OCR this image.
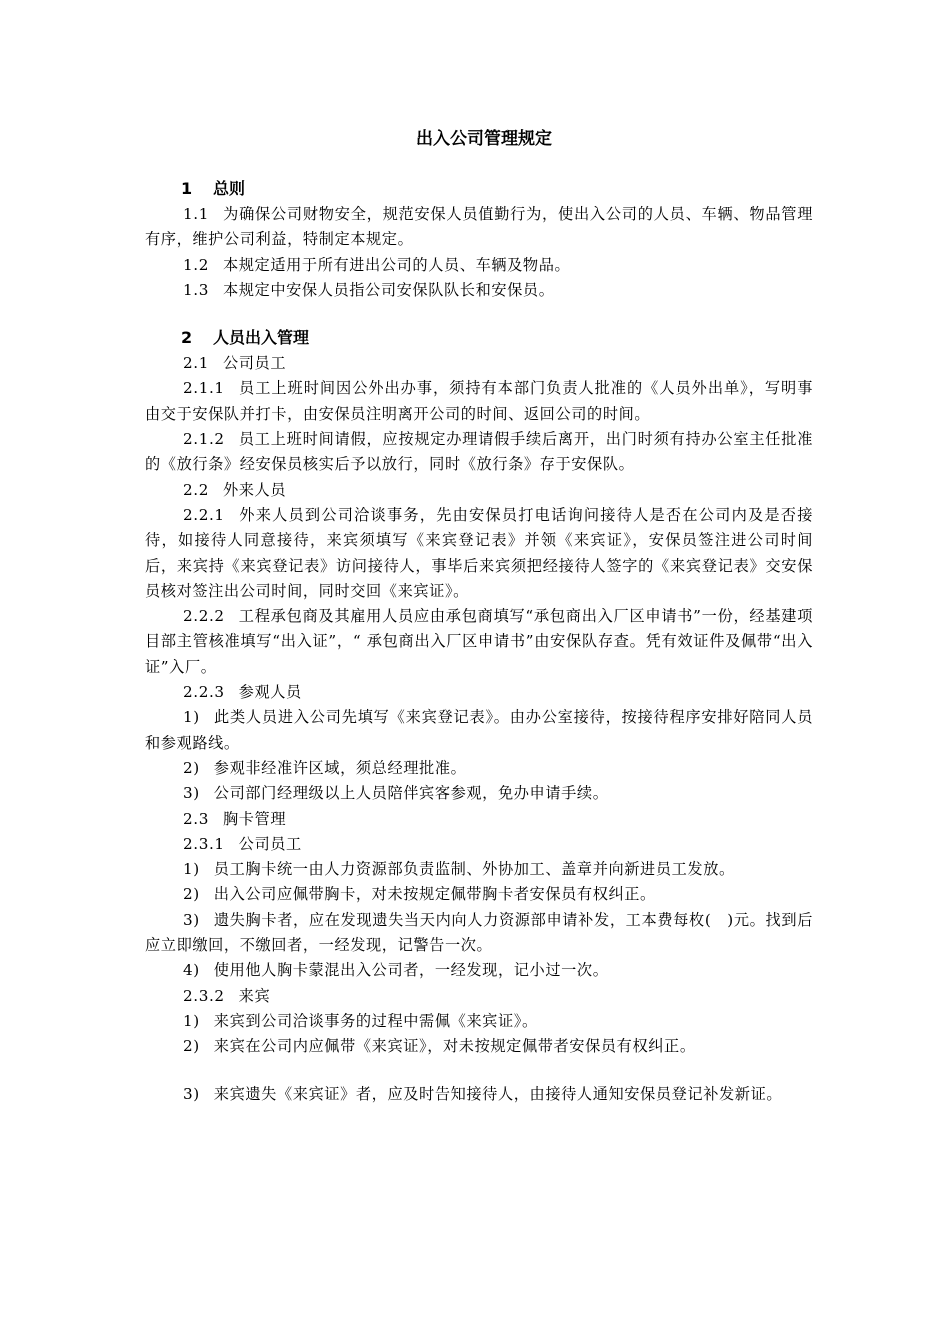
出入公司管理规定
1 总则

1.1 为确保公司财物安全，规范安保人员值勤行为，使出入公司的人员、车辆、物品管理有序，维护公司利益，特制定本规定。

1.2 本规定适用于所有进出公司的人员、车辆及物品。

1.3 本规定中安保人员指公司安保队队长和安保员。

2 人员出入管理

2.1 公司员工

2.1.1 员工上班时间因公外出办事，须持有本部门负责人批准的《人员外出单》，写明事由交于安保队并打卡，由安保员注明离开公司的时间、返回公司的时间。

2.1.2 员工上班时间请假，应按规定办理请假手续后离开，出门时须有持办公室主任批准的《放行条》经安保员核实后予以放行，同时《放行条》存于安保队。

2.2 外来人员

2.2.1 外来人员到公司洽谈事务，先由安保员打电话询问接待人是否在公司内及是否接待，如接待人同意接待，来宾须填写《来宾登记表》并领《来宾证》，安保员签注进公司时间后，来宾持《来宾登记表》访问接待人，事毕后来宾须把经接待人签字的《来宾登记表》交安保员核对签注出公司时间，同时交回《来宾证》。

2.2.2 工程承包商及其雇用人员应由承包商填写“承包商出入厂区申请书”一份，经基建项目部主管核准填写“出入证”，“ 承包商出入厂区申请书”由安保队存查。凭有效证件及佩带“出入证”入厂。

2.2.3 参观人员

1) 此类人员进入公司先填写《来宾登记表》。由办公室接待，按接待程序安排好陪同人员和参观路线。

2) 参观非经准许区域，须总经理批准。

3) 公司部门经理级以上人员陪伴宾客参观，免办申请手续。

2.3 胸卡管理

2.3.1 公司员工

1) 员工胸卡统一由人力资源部负责监制、外协加工、盖章并向新进员工发放。

2) 出入公司应佩带胸卡，对未按规定佩带胸卡者安保员有权纠正。

3) 遗失胸卡者，应在发现遗失当天内向人力资源部申请补发，工本费每枚(　)元。找到后应立即缴回，不缴回者，一经发现，记警告一次。

4) 使用他人胸卡蒙混出入公司者，一经发现，记小过一次。

2.3.2 来宾

1) 来宾到公司洽谈事务的过程中需佩《来宾证》。

2) 来宾在公司内应佩带《来宾证》，对未按规定佩带者安保员有权纠正。

3) 来宾遗失《来宾证》者，应及时告知接待人，由接待人通知安保员登记补发新证。
